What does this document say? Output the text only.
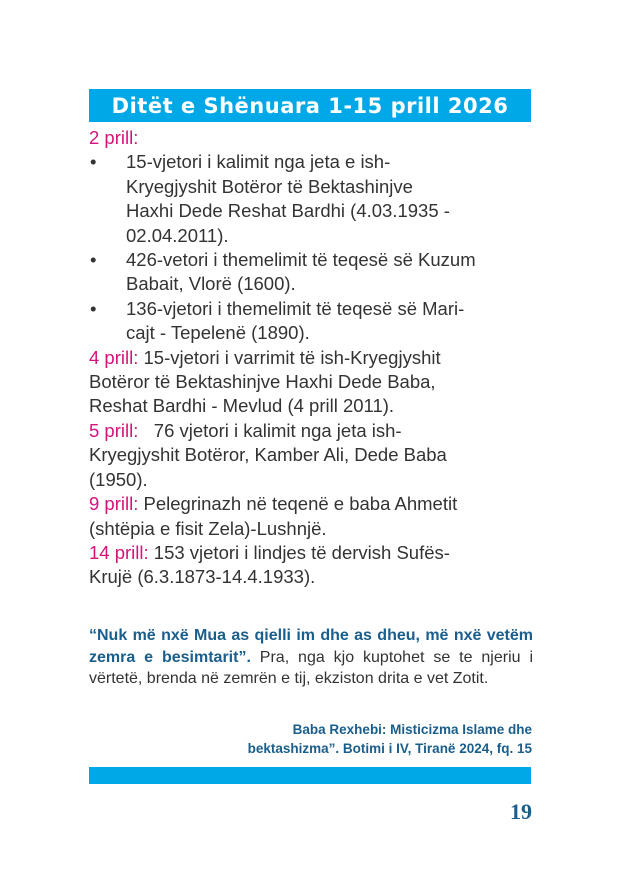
Ditët e Shënuara 1-15 prill 2026
2 prill:
• 15-vjetori i kalimit nga jeta e ish-
Kryegjyshit Botëror të Bektashinjve
Haxhi Dede Reshat Bardhi (4.03.1935 -
02.04.2011).
• 426-vetori i themelimit të teqesë së Kuzum
Babait, Vlorë (1600).
• 136-vjetori i themelimit të teqesë së Mari-
cajt - Tepelenë (1890).
4 prill: 15-vjetori i varrimit të ish-Kryegjyshit
Botëror të Bektashinjve Haxhi Dede Baba,
Reshat Bardhi - Mevlud (4 prill 2011).
5 prill:   76 vjetori i kalimit nga jeta ish-
Kryegjyshit Botëror, Kamber Ali, Dede Baba
(1950).
9 prill: Pelegrinazh në teqenë e baba Ahmetit
(shtëpia e fisit Zela)-Lushnjë.
14 prill: 153 vjetori i lindjes të dervish Sufës-
Krujë (6.3.1873-14.4.1933).
“Nuk më nxë Mua as qielli im dhe as dheu, më nxë vetëm zemra e besimtarit”. Pra, nga kjo kuptohet se te njeriu i vërtetë, brenda në zemrën e tij, ekziston drita e vet Zotit.
Baba Rexhebi: Misticizma Islame dhe
bektashizma”. Botimi i IV, Tiranë 2024, fq. 15
19
